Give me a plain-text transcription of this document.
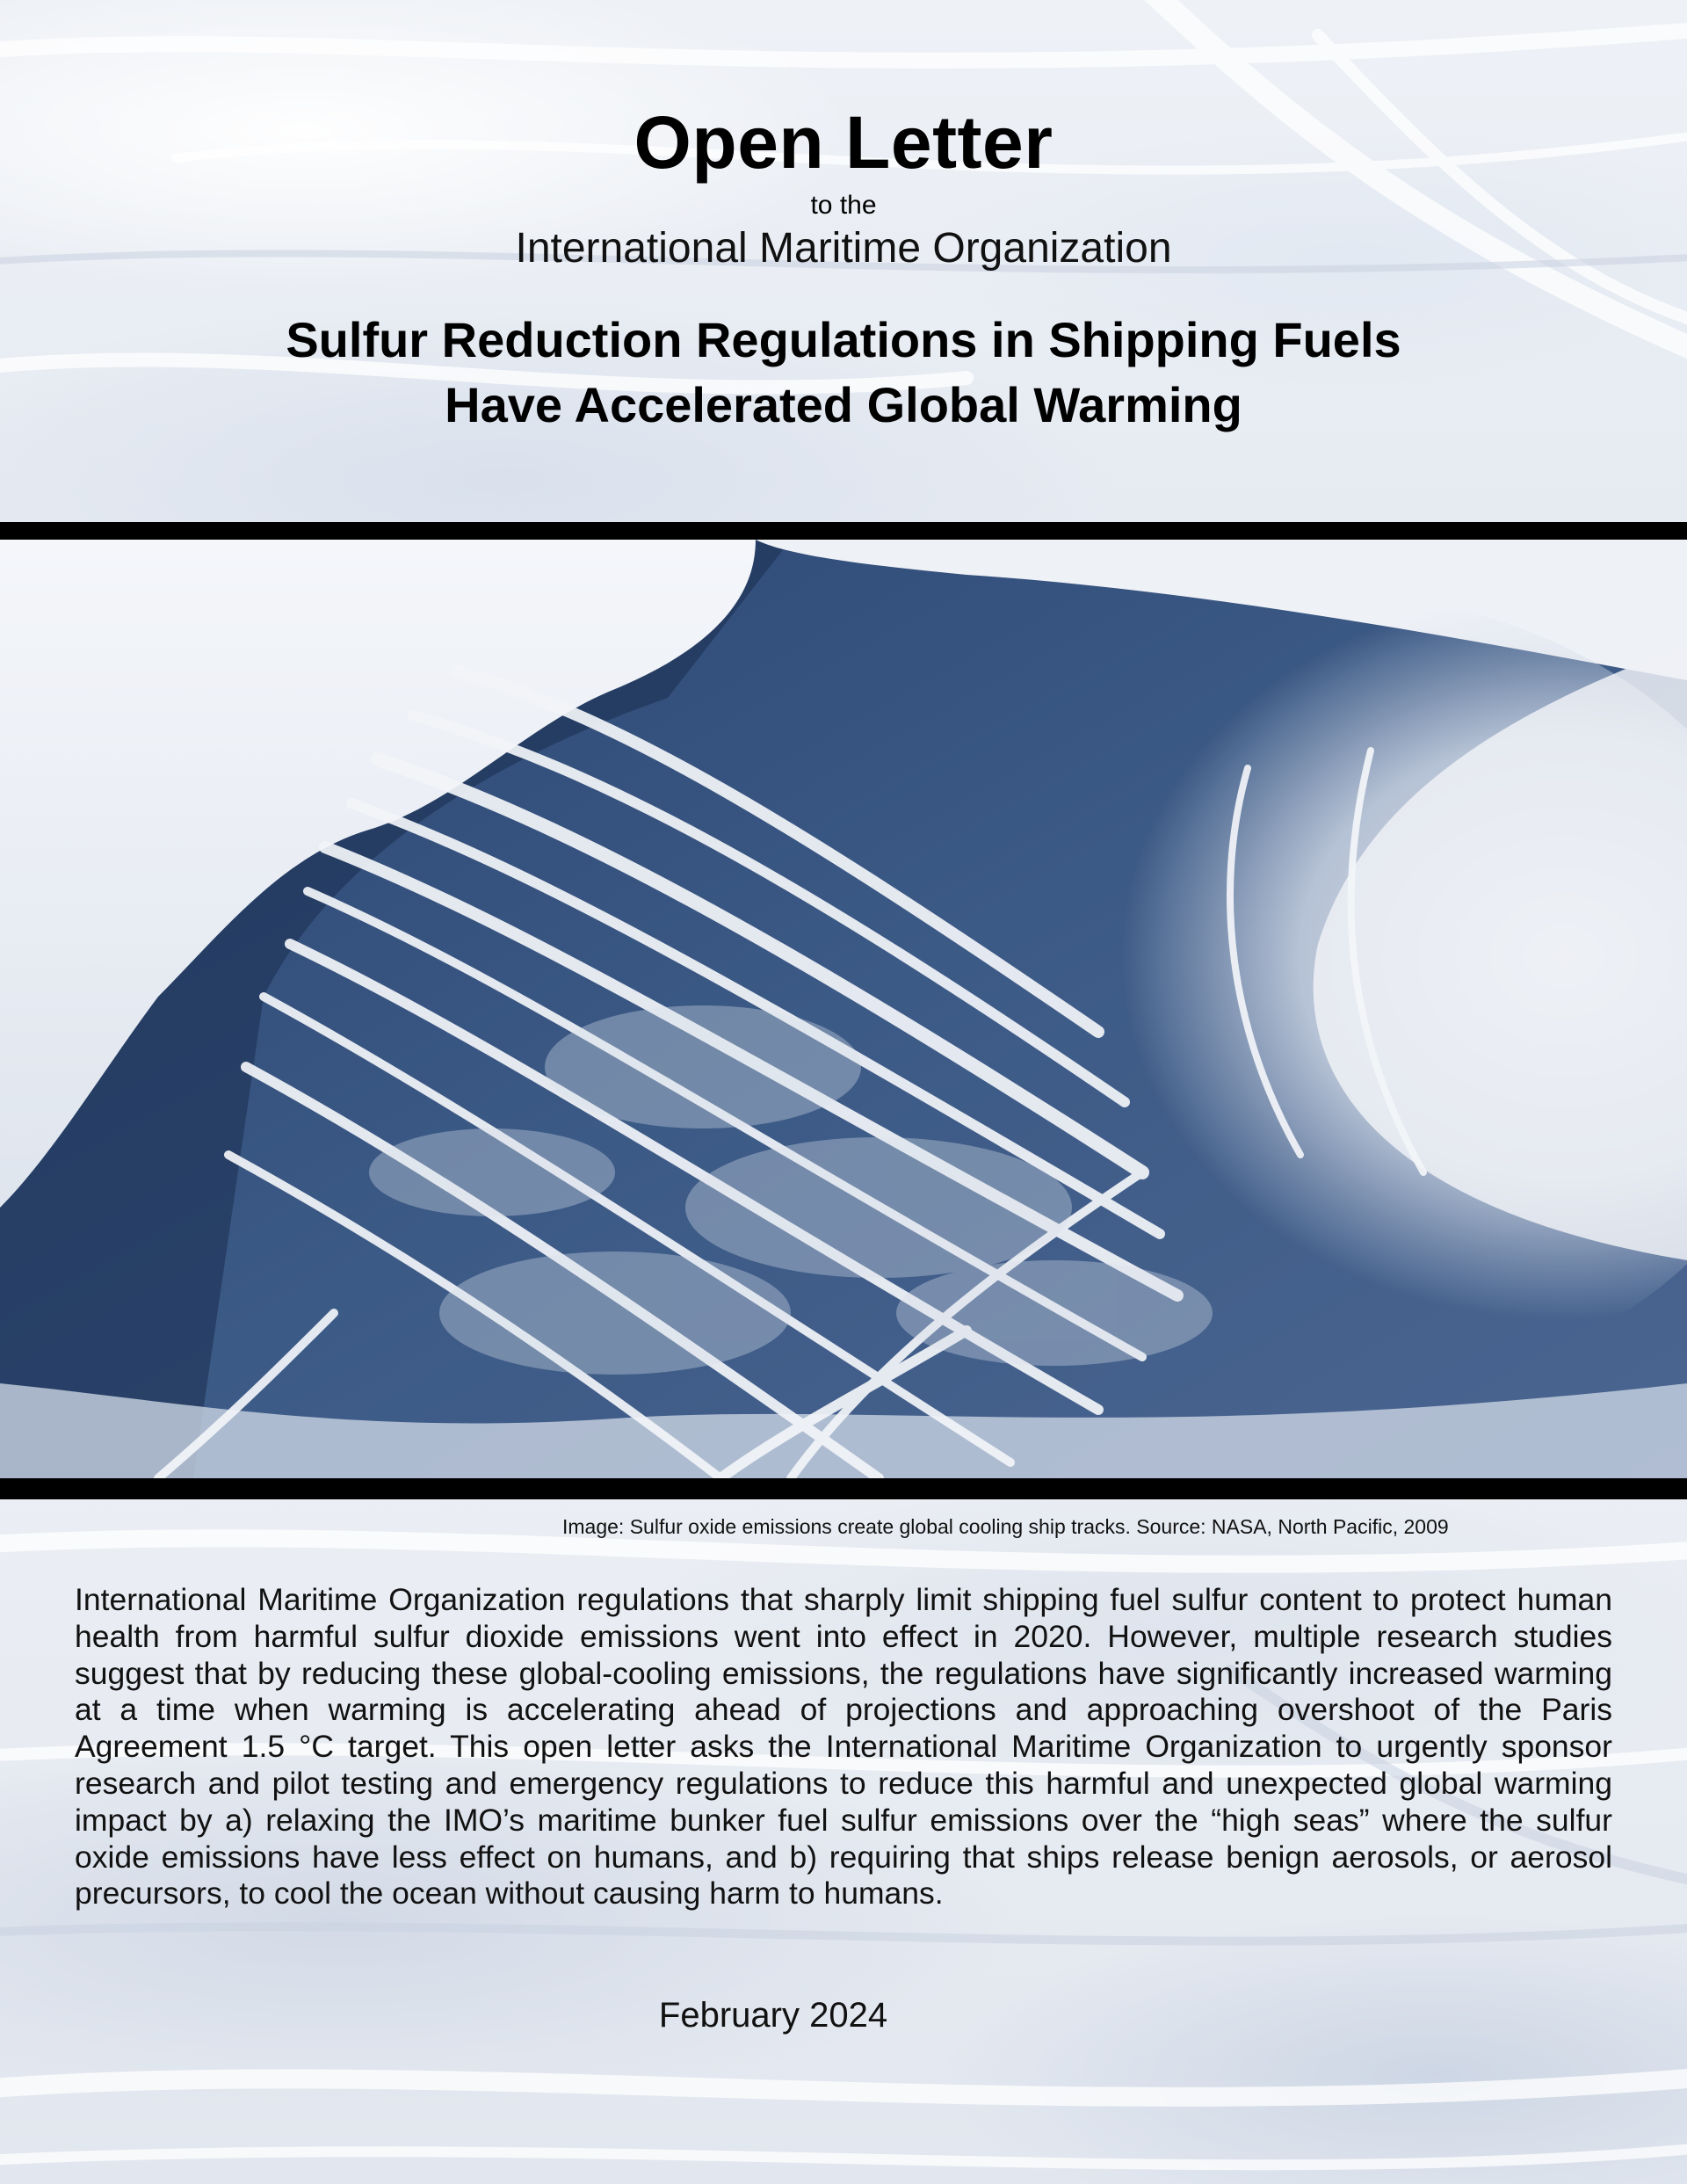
Open Letter
to the
International Maritime Organization
Sulfur Reduction Regulations in Shipping Fuels
Have Accelerated Global Warming
Image: Sulfur oxide emissions create global cooling ship tracks. Source: NASA, North Pacific, 2009
International Maritime Organization regulations that sharply limit shipping fuel sulfur content to protect human health from harmful sulfur dioxide emissions went into effect in 2020. However, multiple research studies suggest that by reducing these global-cooling emissions, the regulations have significantly increased warming at a time when warming is accelerating ahead of projections and approaching overshoot of the Paris Agreement 1.5 °C target. This open letter asks the International Maritime Organization to urgently sponsor research and pilot testing and emergency regulations to reduce this harmful and unexpected global warming impact by a) relaxing the IMO’s maritime bunker fuel sulfur emissions over the “high seas” where the sulfur oxide emissions have less effect on humans, and b) requiring that ships release benign aerosols, or aerosol precursors, to cool the ocean without causing harm to humans.
February 2024
